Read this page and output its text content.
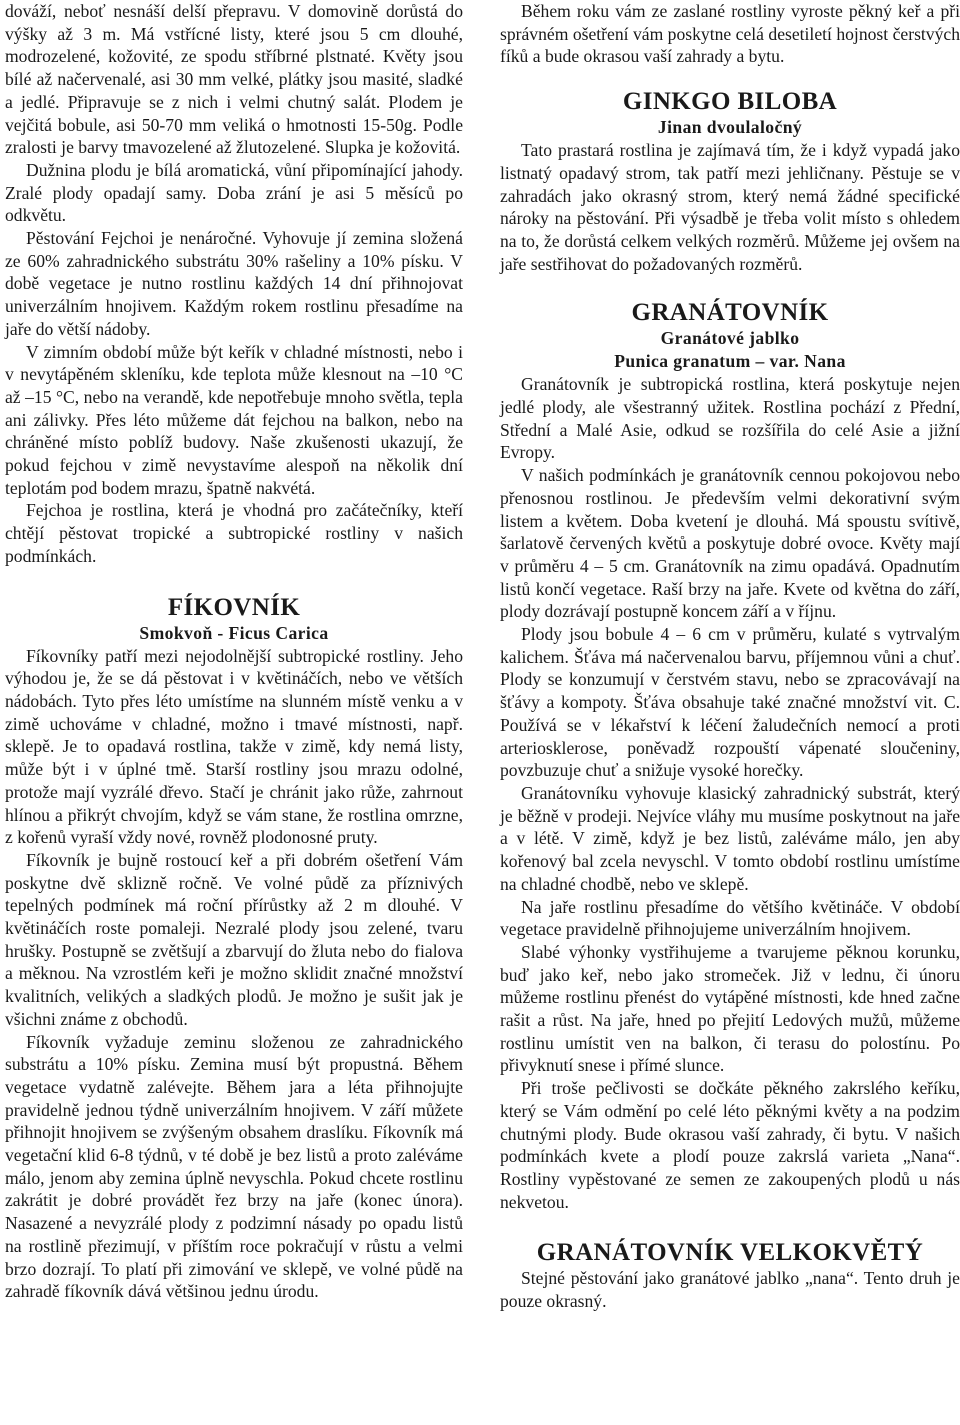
dováží, neboť nesnáší delší přepravu. V domovině dorůstá do výšky až 3 m. Má vstřícné listy, které jsou 5 cm dlouhé, modrozelené, kožovité, ze spodu stříbrné plstnaté. Květy jsou bílé až načervenalé, asi 30 mm velké, plátky jsou masité, sladké a jedlé. Připravuje se z nich i velmi chutný salát. Plodem je vejčitá bobule, asi 50-70 mm veliká o hmotnosti 15-50g. Podle zralosti je barvy tmavozelené až žlutozelené. Slupka je kožovitá.

Dužnina plodu je bílá aromatická, vůní připomínající jahody. Zralé plody opadají samy. Doba zrání je asi 5 měsíců po odkvětu.

Pěstování Fejchoi je nenáročné. Vyhovuje jí zemina složená ze 60% zahradnického substrátu 30% rašeliny a 10% písku. V době vegetace je nutno rostlinu každých 14 dní přihnojovat univerzálním hnojivem. Každým rokem rostlinu přesadíme na jaře do větší nádoby.

V zimním období může být keřík v chladné místnosti, nebo i v nevytápěném skleníku, kde teplota může klesnout na –10 °C až –15 °C, nebo na verandě, kde nepotřebuje mnoho světla, tepla ani zálivky. Přes léto můžeme dát fejchou na balkon, nebo na chráněné místo poblíž budovy. Naše zkušenosti ukazují, že pokud fejchou v zimě nevystavíme alespoň na několik dní teplotám pod bodem mrazu, špatně nakvétá.

Fejchoa je rostlina, která je vhodná pro začátečníky, kteří chtějí pěstovat tropické a subtropické rostliny v našich podmínkách.

FÍKOVNÍK
Smokvoň - Ficus Carica

Fíkovníky patří mezi nejodolnější subtropické rostliny. Jeho výhodou je, že se dá pěstovat i v květináčích, nebo ve větších nádobách. Tyto přes léto umístíme na slunném místě venku a v zimě uchováme v chladné, možno i tmavé místnosti, např. sklepě. Je to opadavá rostlina, takže v zimě, kdy nemá listy, může být i v úplné tmě. Starší rostliny jsou mrazu odolné, protože mají vyzrálé dřevo. Stačí je chránit jako růže, zahrnout hlínou a přikrýt chvojím, když se vám stane, že rostlina omrzne, z kořenů vyraší vždy nové, rovněž plodonosné pruty.

Fíkovník je bujně rostoucí keř a při dobrém ošetření Vám poskytne dvě sklizně ročně. Ve volné půdě za příznivých tepelných podmínek má roční přírůstky až 2 m dlouhé. V květináčích roste pomaleji. Nezralé plody jsou zelené, tvaru hrušky. Postupně se zvětšují a zbarvují do žluta nebo do fialova a měknou. Na vzrostlém keři je možno sklidit značné množství kvalitních, velikých a sladkých plodů. Je možno je sušit jak je všichni známe z obchodů.

Fíkovník vyžaduje zeminu složenou ze zahradnického substrátu a 10% písku. Zemina musí být propustná. Během vegetace vydatně zalévejte. Během jara a léta přihnojujte pravidelně jednou týdně univerzálním hnojivem. V září můžete přihnojit hnojivem se zvýšeným obsahem draslíku. Fíkovník má vegetační klid 6-8 týdnů, v té době je bez listů a proto zaléváme málo, jenom aby zemina úplně nevyschla. Pokud chcete rostlinu zakrátit je dobré provádět řez brzy na jaře (konec února). Nasazené a nevyzrálé plody z podzimní násady po opadu listů na rostlině přezimují, v příštím roce pokračují v růstu a velmi brzo dozrají. To platí při zimování ve sklepě, ve volné půdě na zahradě fíkovník dává většinou jednu úrodu.

Během roku vám ze zaslané rostliny vyroste pěkný keř a při správném ošetření vám poskytne celá desetiletí hojnost čerstvých fíků a bude okrasou vaší zahrady a bytu.

GINKGO BILOBA
Jinan dvoulaločný

Tato prastará rostlina je zajímavá tím, že i když vypadá jako listnatý opadavý strom, tak patří mezi jehličnany. Pěstuje se v zahradách jako okrasný strom, který nemá žádné specifické nároky na pěstování. Při výsadbě je třeba volit místo s ohledem na to, že dorůstá celkem velkých rozměrů. Můžeme jej ovšem na jaře sestřihovat do požadovaných rozměrů.

GRANÁTOVNÍK
Granátové jablko
Punica granatum – var. Nana

Granátovník je subtropická rostlina, která poskytuje nejen jedlé plody, ale všestranný užitek. Rostlina pochází z Přední, Střední a Malé Asie, odkud se rozšířila do celé Asie a jižní Evropy.

V našich podmínkách je granátovník cennou pokojovou nebo přenosnou rostlinou. Je především velmi dekorativní svým listem a květem. Doba kvetení je dlouhá. Má spoustu svítivě, šarlatově červených květů a poskytuje dobré ovoce. Květy mají v průměru 4 – 5 cm. Granátovník na zimu opadává. Opadnutím listů končí vegetace. Raší brzy na jaře. Kvete od května do září, plody dozrávají postupně koncem září a v říjnu.

Plody jsou bobule 4 – 6 cm v průměru, kulaté s vytrvalým kalichem. Šťáva má načervenalou barvu, příjemnou vůni a chuť. Plody se konzumují v čerstvém stavu, nebo se zpracovávají na šťávy a kompoty. Šťáva obsahuje také značné množství vit. C. Používá se v lékařství k léčení žaludečních nemocí a proti arteriosklerose, poněvadž rozpouští vápenaté sloučeniny, povzbuzuje chuť a snižuje vysoké horečky.

Granátovníku vyhovuje klasický zahradnický substrát, který je běžně v prodeji. Nejvíce vláhy mu musíme poskytnout na jaře a v létě. V zimě, když je bez listů, zaléváme málo, jen aby kořenový bal zcela nevyschl. V tomto období rostlinu umístíme na chladné chodbě, nebo ve sklepě.

Na jaře rostlinu přesadíme do většího květináče. V období vegetace pravidelně přihnojujeme univerzálním hnojivem.

Slabé výhonky vystřihujeme a tvarujeme pěknou korunku, buď jako keř, nebo jako stromeček. Již v lednu, či únoru můžeme rostlinu přenést do vytápěné místnosti, kde hned začne rašit a růst. Na jaře, hned po přejití Ledových mužů, můžeme rostlinu umístit ven na balkon, či terasu do polostínu. Po přivyknutí snese i přímé slunce.

Při troše pečlivosti se dočkáte pěkného zakrslého keříku, který se Vám odmění po celé léto pěknými květy a na podzim chutnými plody. Bude okrasou vaší zahrady, či bytu. V našich podmínkách kvete a plodí pouze zakrslá varieta „Nana“. Rostliny vypěstované ze semen ze zakoupených plodů u nás nekvetou.

GRANÁTOVNÍK VELKOKVĚTÝ

Stejné pěstování jako granátové jablko „nana“. Tento druh je pouze okrasný.
